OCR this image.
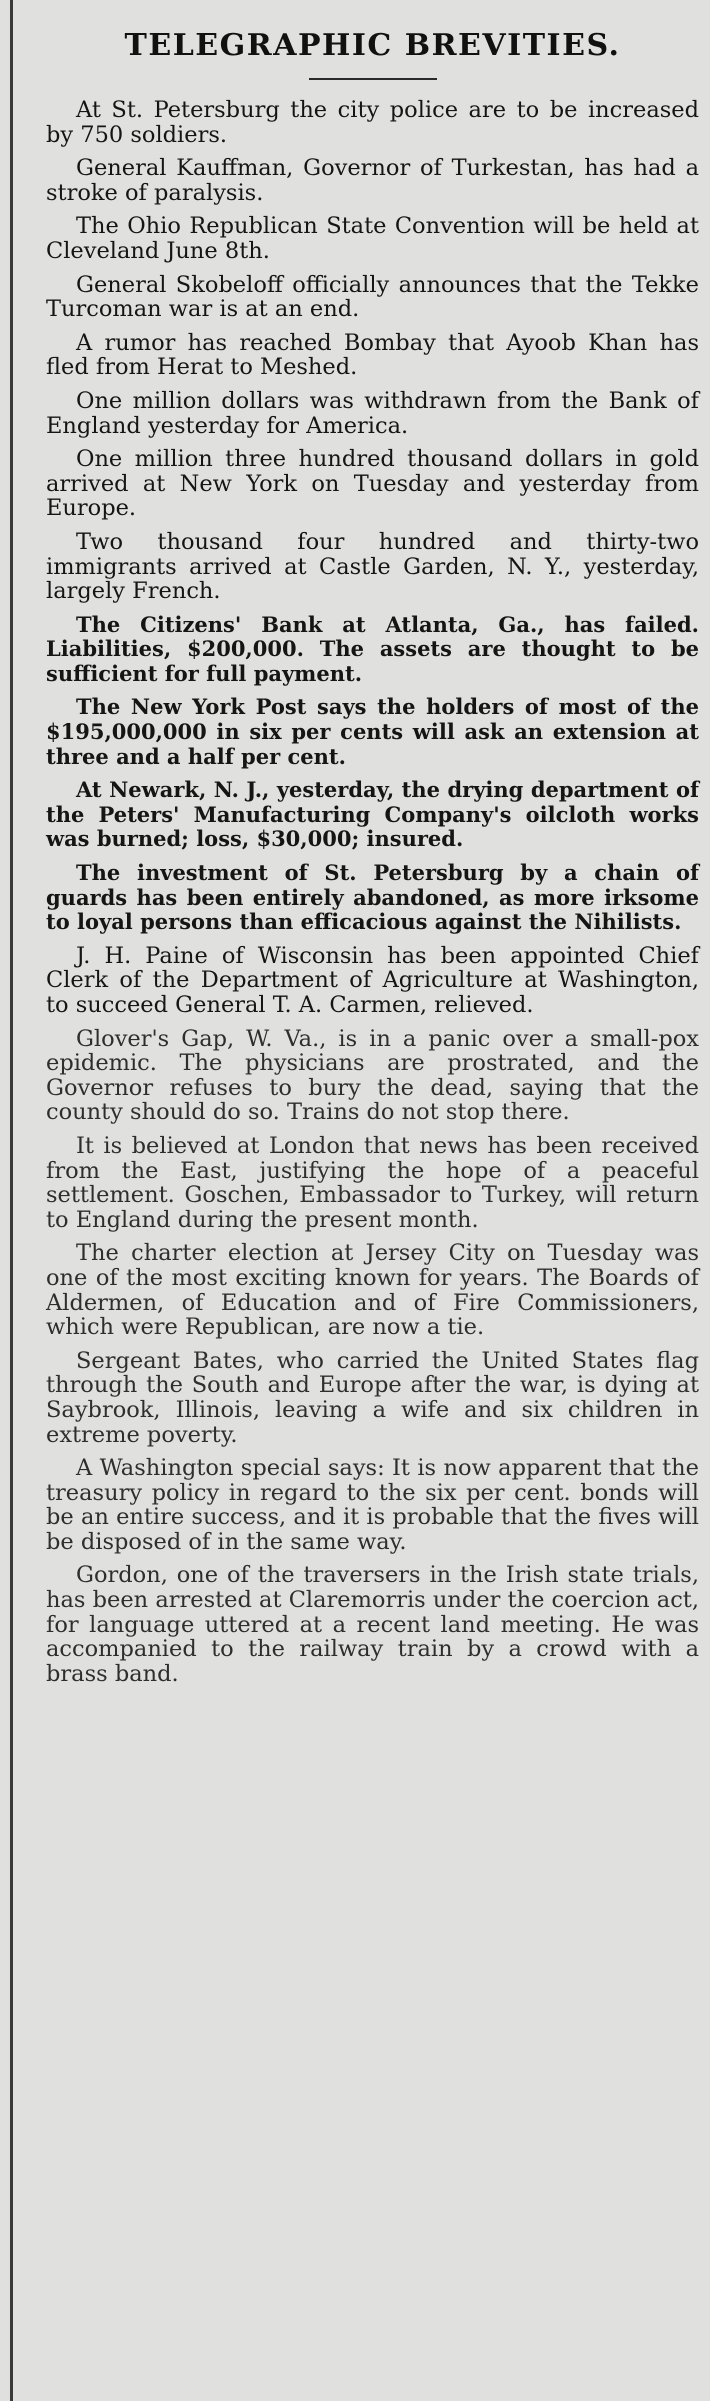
TELEGRAPHIC BREVITIES.

At St. Petersburg the city police are to be increased by 750 soldiers.

General Kauffman, Governor of Turkestan, has had a stroke of paralysis.

The Ohio Republican State Convention will be held at Cleveland June 8th.

General Skobeloff officially announces that the Tekke Turcoman war is at an end.

A rumor has reached Bombay that Ayoob Khan has fled from Herat to Meshed.

One million dollars was withdrawn from the Bank of England yesterday for America.

One million three hundred thousand dollars in gold arrived at New York on Tuesday and yesterday from Europe.

Two thousand four hundred and thirty-two immigrants arrived at Castle Garden, N. Y., yesterday, largely French.

The Citizens' Bank at Atlanta, Ga., has failed. Liabilities, $200,000. The assets are thought to be sufficient for full payment.

The New York Post says the holders of most of the $195,000,000 in six per cents will ask an extension at three and a half per cent.

At Newark, N. J., yesterday, the drying department of the Peters' Manufacturing Company's oilcloth works was burned; loss, $30,000; insured.

The investment of St. Petersburg by a chain of guards has been entirely abandoned, as more irksome to loyal persons than efficacious against the Nihilists.

J. H. Paine of Wisconsin has been appointed Chief Clerk of the Department of Agriculture at Washington, to succeed General T. A. Carmen, relieved.

Glover's Gap, W. Va., is in a panic over a small-pox epidemic. The physicians are prostrated, and the Governor refuses to bury the dead, saying that the county should do so. Trains do not stop there.

It is believed at London that news has been received from the East, justifying the hope of a peaceful settlement. Goschen, Embassador to Turkey, will return to England during the present month.

The charter election at Jersey City on Tuesday was one of the most exciting known for years. The Boards of Aldermen, of Education and of Fire Commissioners, which were Republican, are now a tie.

Sergeant Bates, who carried the United States flag through the South and Europe after the war, is dying at Saybrook, Illinois, leaving a wife and six children in extreme poverty.

A Washington special says: It is now apparent that the treasury policy in regard to the six per cent. bonds will be an entire success, and it is probable that the fives will be disposed of in the same way.

Gordon, one of the traversers in the Irish state trials, has been arrested at Claremorris under the coercion act, for language uttered at a recent land meeting. He was accompanied to the railway train by a crowd with a brass band.
